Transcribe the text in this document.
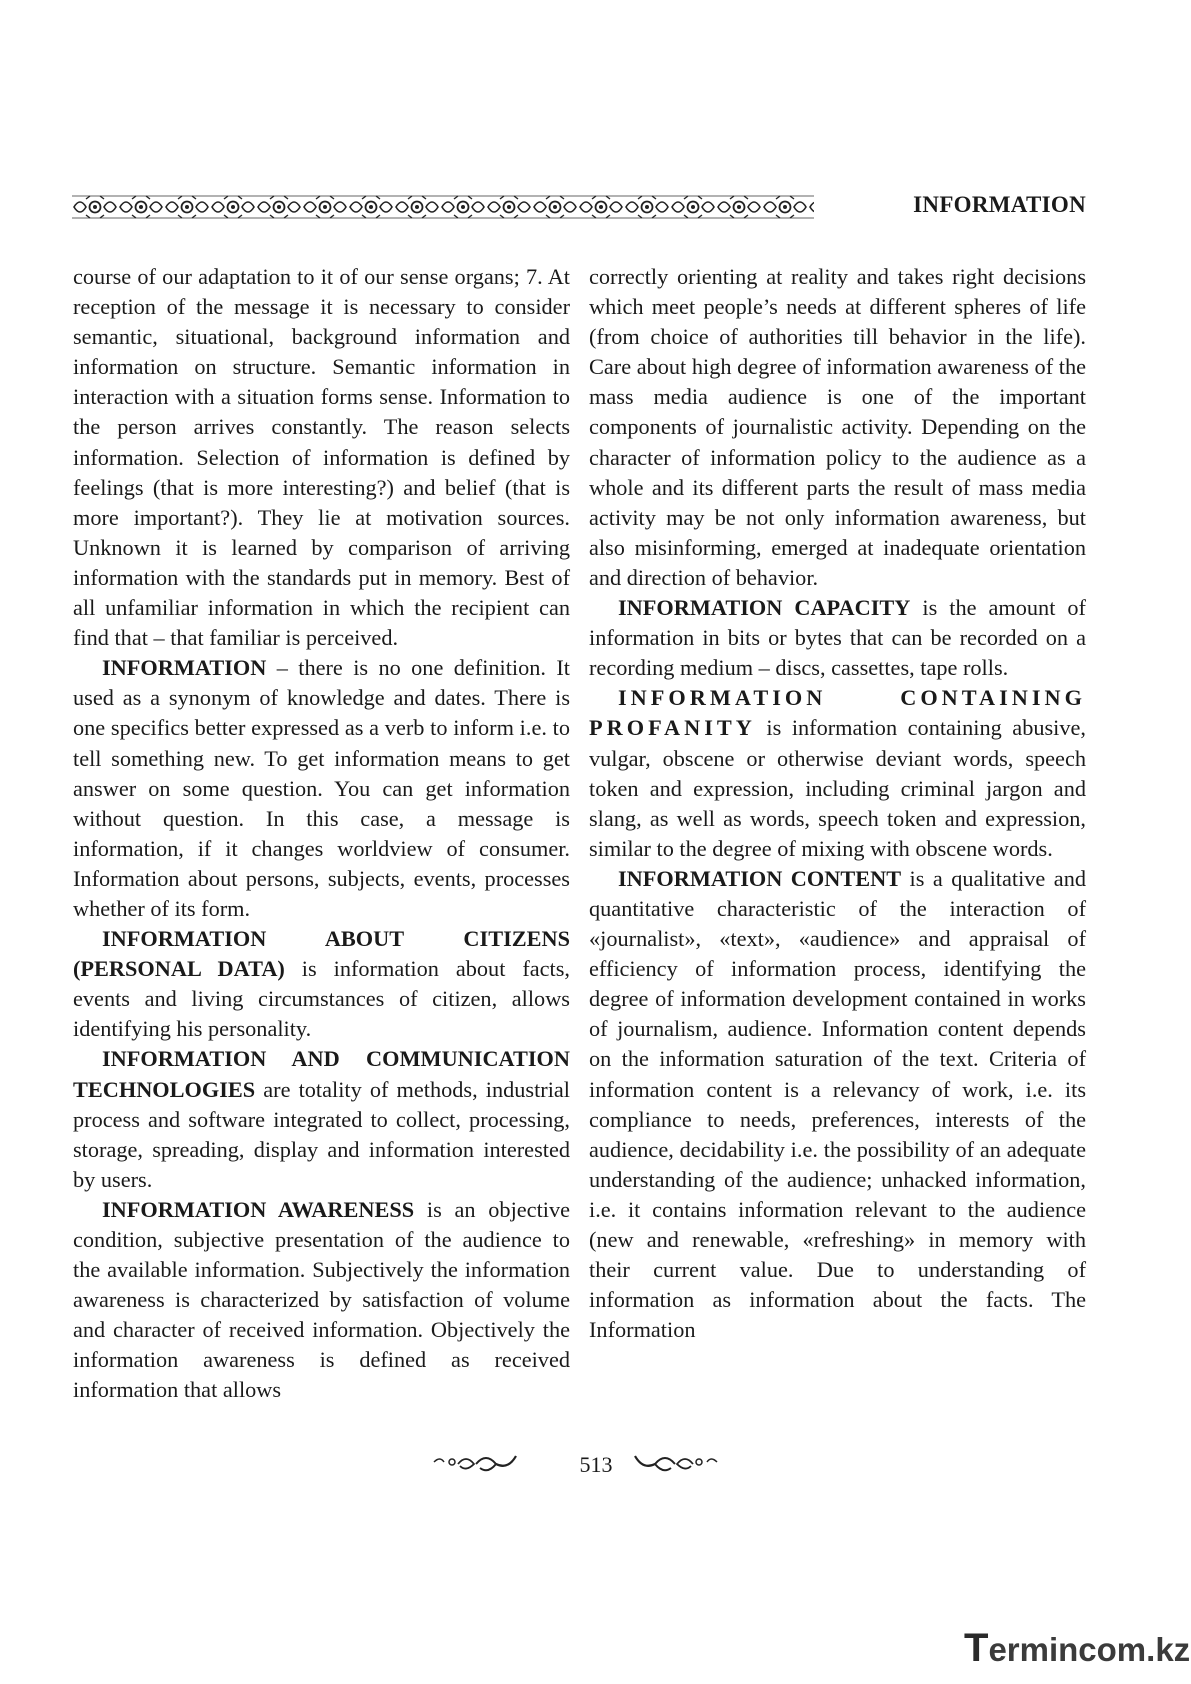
INFORMATION

course of our adaptation to it of our sense organs; 7. At reception of the message it is necessary to consider semantic, situational, background information and information on structure. Semantic information in interaction with a situation forms sense. Information to the person arrives constantly. The reason selects information. Selection of information is defined by feelings (that is more interesting?) and belief (that is more important?). They lie at motivation sources. Unknown it is learned by comparison of arriving information with the standards put in memory. Best of all unfamiliar information in which the recipient can find that – that familiar is perceived.

INFORMATION – there is no one definition. It used as a synonym of knowledge and dates. There is one specifics better expressed as a verb to inform i.e. to tell something new. To get information means to get answer on some question. You can get information without question. In this case, a message is information, if it changes worldview of consumer. Information about persons, subjects, events, processes whether of its form.

INFORMATION ABOUT CITIZENS (PERSONAL DATA) is information about facts, events and living circumstances of citizen, allows identifying his personality.

INFORMATION AND COMMUNICATION TECHNOLOGIES are totality of methods, industrial process and software integrated to collect, processing, storage, spreading, display and information interested by users.

INFORMATION AWARENESS is an objective condition, subjective presentation of the audience to the available information. Subjectively the information awareness is characterized by satisfaction of volume and character of received information. Objectively the information awareness is defined as received information that allows

correctly orienting at reality and takes right decisions which meet people’s needs at different spheres of life (from choice of authorities till behavior in the life). Care about high degree of information awareness of the mass media audience is one of the important components of journalistic activity. Depending on the character of information policy to the audience as a whole and its different parts the result of mass media activity may be not only information awareness, but also misinforming, emerged at inadequate orientation and direction of behavior.

INFORMATION CAPACITY is the amount of information in bits or bytes that can be recorded on a recording medium – discs, cassettes, tape rolls.

INFORMATION CONTAINING PROFANITY is information containing abusive, vulgar, obscene or otherwise deviant words, speech token and expression, including criminal jargon and slang, as well as words, speech token and expression, similar to the degree of mixing with obscene words.

INFORMATION CONTENT is a qualitative and quantitative characteristic of the interaction of «journalist», «text», «audience» and appraisal of efficiency of information process, identifying the degree of information development contained in works of journalism, audience. Information content depends on the information saturation of the text. Criteria of information content is a relevancy of work, i.e. its compliance to needs, preferences, interests of the audience, decidability i.e. the possibility of an adequate understanding of the audience; unhacked information, i.e. it contains information relevant to the audience (new and renewable, «refreshing» in memory with their current value. Due to understanding of information as information about the facts. The Information

513
Termincom.kz
